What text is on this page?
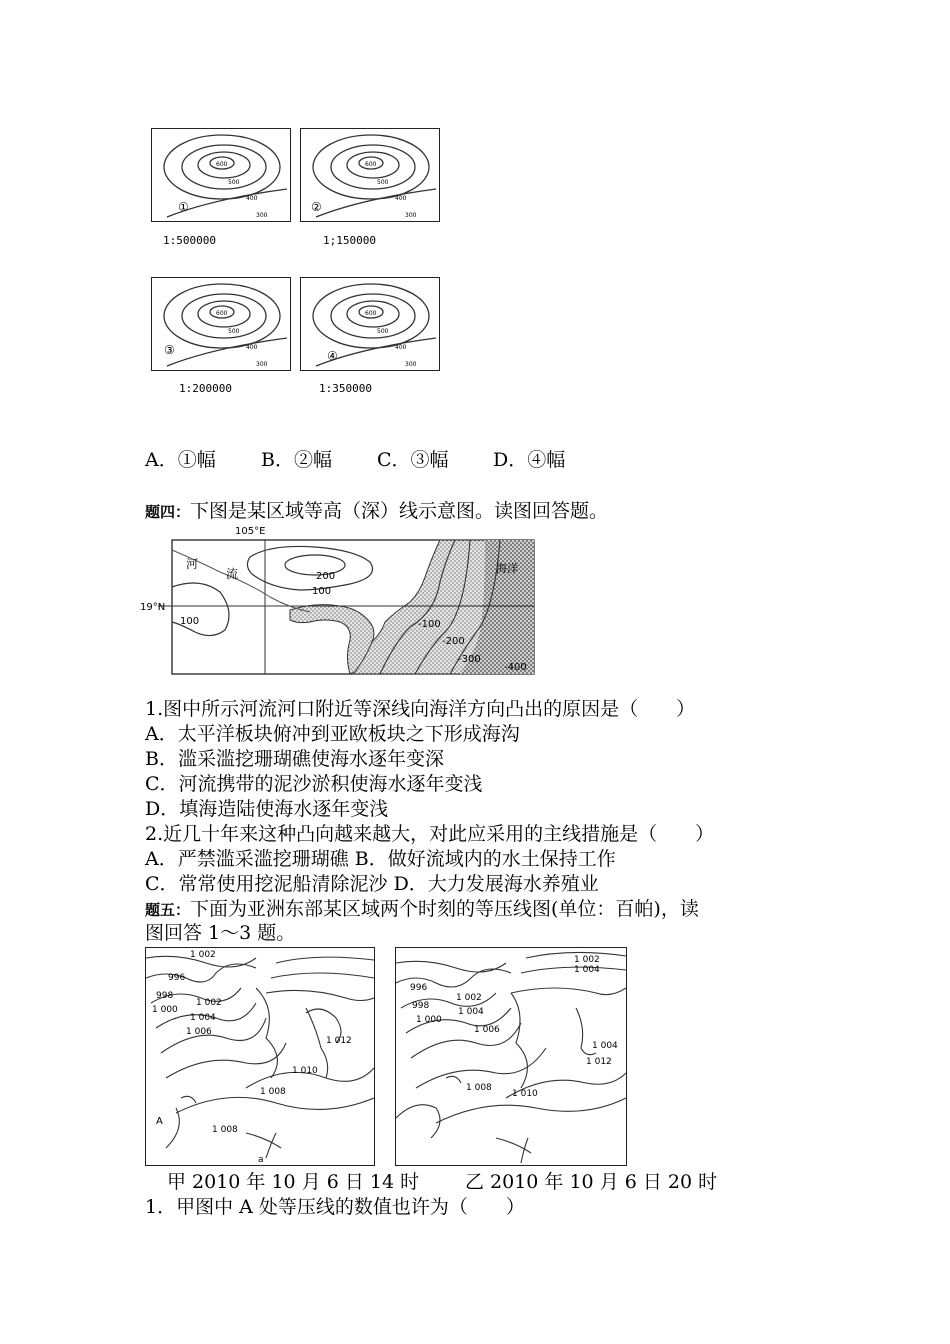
600
500
400
300
①
1:500000
600
500
400
300
②
1;150000
600
500
400
300
③
1:200000
600
500
400
300
④
1:350000
A．①幅 B．②幅 C．③幅 D．④幅
题四：下图是某区域等高（深）线示意图。读图回答题。
105°E
19°N
河
流	海洋
200
100
100	-100
-200
-300
-400
1.图中所示河流河口附近等深线向海洋方向凸出的原因是（　　）
A．太平洋板块俯冲到亚欧板块之下形成海沟
B．滥采滥挖珊瑚礁使海水逐年变深
C．河流携带的泥沙淤积使海水逐年变浅
D．填海造陆使海水逐年变浅
2.近几十年来这种凸向越来越大，对此应采用的主线措施是（　　）
A．严禁滥采滥挖珊瑚礁 B．做好流域内的水土保持工作
C．常常使用挖泥船清除泥沙 D．大力发展海水养殖业
题五：下面为亚洲东部某区域两个时刻的等压线图(单位：百帕)，读
图回答 1～3 题。
1 002
996
998
1 000
1 002
1 004
1 006
1 012
1 010
1 008
A
1 008
a
1 002
1 004
996
998
1 000
1 002
1 004
1 006
1 004
1 012
1 008
1 010
甲 2010 年 10 月 6 日 14 时 乙 2010 年 10 月 6 日 20 时
1．甲图中 A 处等压线的数值也许为（　　）
